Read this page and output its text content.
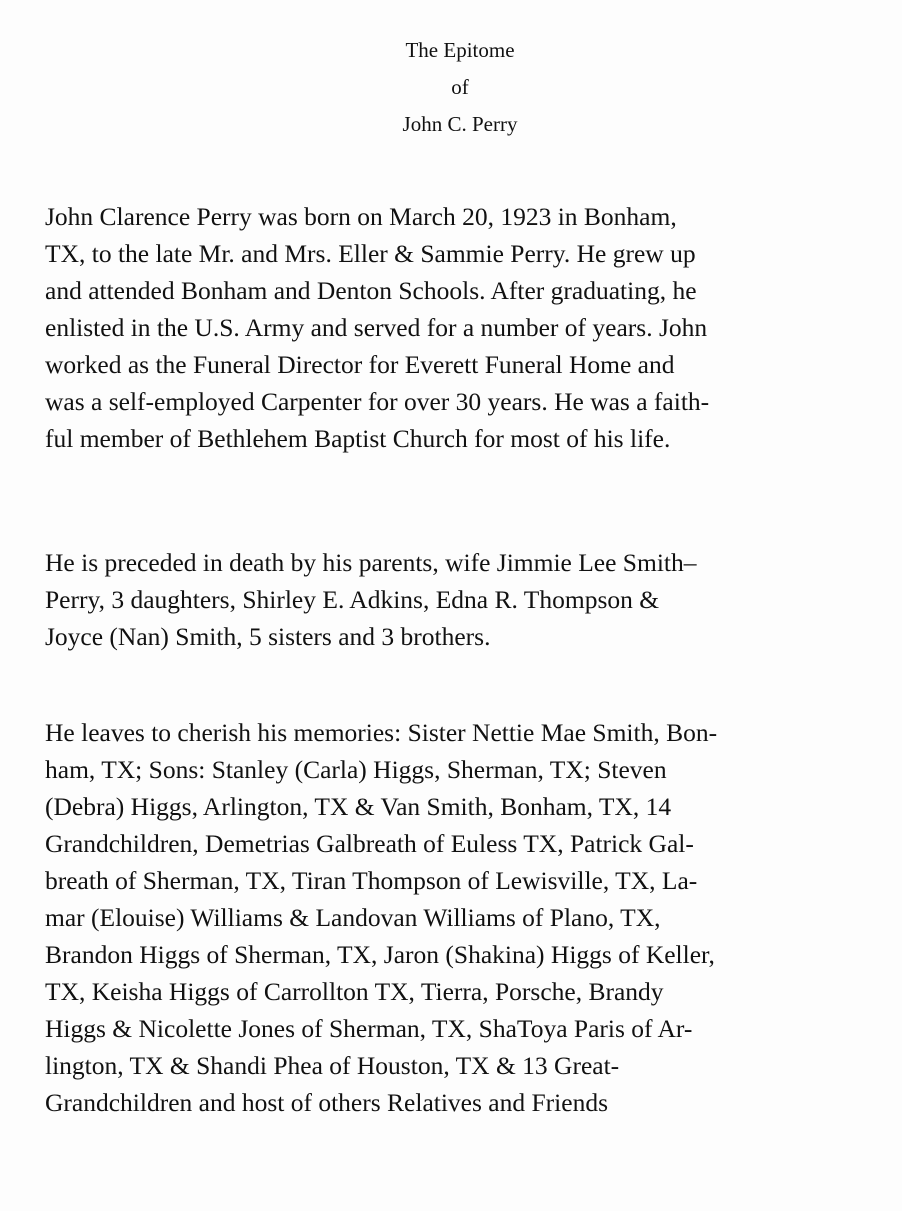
The Epitome
of
John C. Perry
John Clarence Perry was born on March 20, 1923 in Bonham,
TX, to the late Mr. and Mrs. Eller & Sammie Perry. He grew up
and attended Bonham and Denton Schools. After graduating, he
enlisted in the U.S. Army and served for a number of years. John
worked as the Funeral Director for Everett Funeral Home and
was a self-employed Carpenter for over 30 years. He was a faith-
ful member of Bethlehem Baptist Church for most of his life.
He is preceded in death by his parents, wife Jimmie Lee Smith–
Perry, 3 daughters, Shirley E. Adkins, Edna R. Thompson &
Joyce (Nan) Smith, 5 sisters and 3 brothers.
He leaves to cherish his memories: Sister Nettie Mae Smith, Bon-
ham, TX; Sons: Stanley (Carla) Higgs, Sherman, TX; Steven
(Debra) Higgs, Arlington, TX & Van Smith, Bonham, TX, 14
Grandchildren, Demetrias Galbreath of Euless TX, Patrick Gal-
breath of Sherman, TX, Tiran Thompson of Lewisville, TX, La-
mar (Elouise) Williams & Landovan Williams of Plano, TX,
Brandon Higgs of Sherman, TX, Jaron (Shakina) Higgs of Keller,
TX, Keisha Higgs of Carrollton TX, Tierra, Porsche, Brandy
Higgs & Nicolette Jones of Sherman, TX, ShaToya Paris of Ar-
lington, TX & Shandi Phea of Houston, TX & 13 Great-
Grandchildren and host of others Relatives and Friends
